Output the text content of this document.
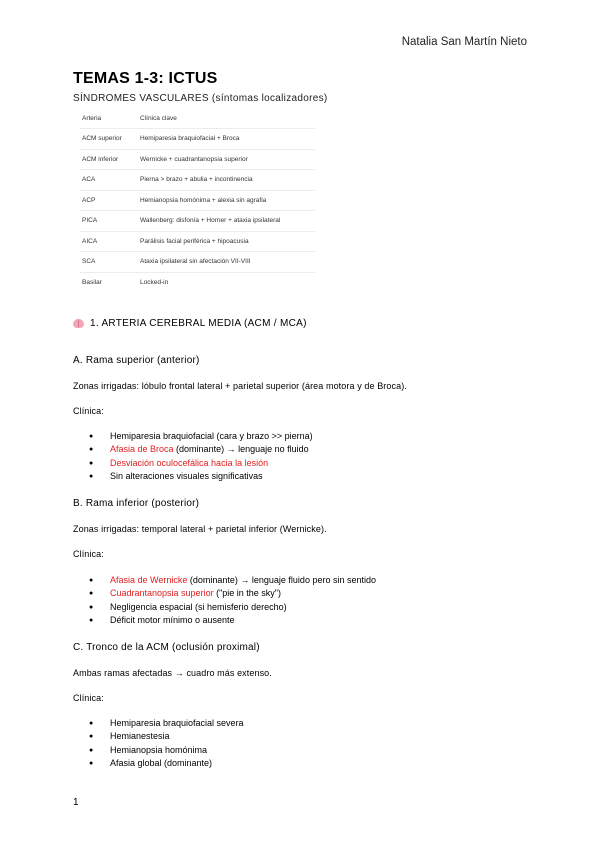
Natalia San Martín Nieto
TEMAS 1-3: ICTUS
SÍNDROMES VASCULARES (síntomas localizadores)
Arteria	Clínica clave
ACM superior	Hemiparesia braquiofacial + Broca
ACM inferior	Wernicke + cuadrantanopsia superior
ACA	Pierna > brazo + abulia + incontinencia
ACP	Hemianopsia homónima + alexia sin agrafia
PICA	Wallenberg: disfonía + Horner + ataxia ipsilateral
AICA	Parálisis facial periférica + hipoacusia
SCA	Ataxia ipsilateral sin afectación VII-VIII
Basilar	Locked-in
1. ARTERIA CEREBRAL MEDIA (ACM / MCA)
A. Rama superior (anterior)
Zonas irrigadas: lóbulo frontal lateral + parietal superior (área motora y de Broca).
Clínica:
● Hemiparesia braquiofacial (cara y brazo >> pierna)
● Afasia de Broca (dominante) → lenguaje no fluido
● Desviación oculocefálica hacia la lesión
● Sin alteraciones visuales significativas
B. Rama inferior (posterior)
Zonas irrigadas: temporal lateral + parietal inferior (Wernicke).
Clínica:
● Afasia de Wernicke (dominante) → lenguaje fluido pero sin sentido
● Cuadrantanopsia superior ("pie in the sky")
● Negligencia espacial (si hemisferio derecho)
● Déficit motor mínimo o ausente
C. Tronco de la ACM (oclusión proximal)
Ambas ramas afectadas → cuadro más extenso.
Clínica:
● Hemiparesia braquiofacial severa
● Hemianestesia
● Hemianopsia homónima
● Afasia global (dominante)
1
